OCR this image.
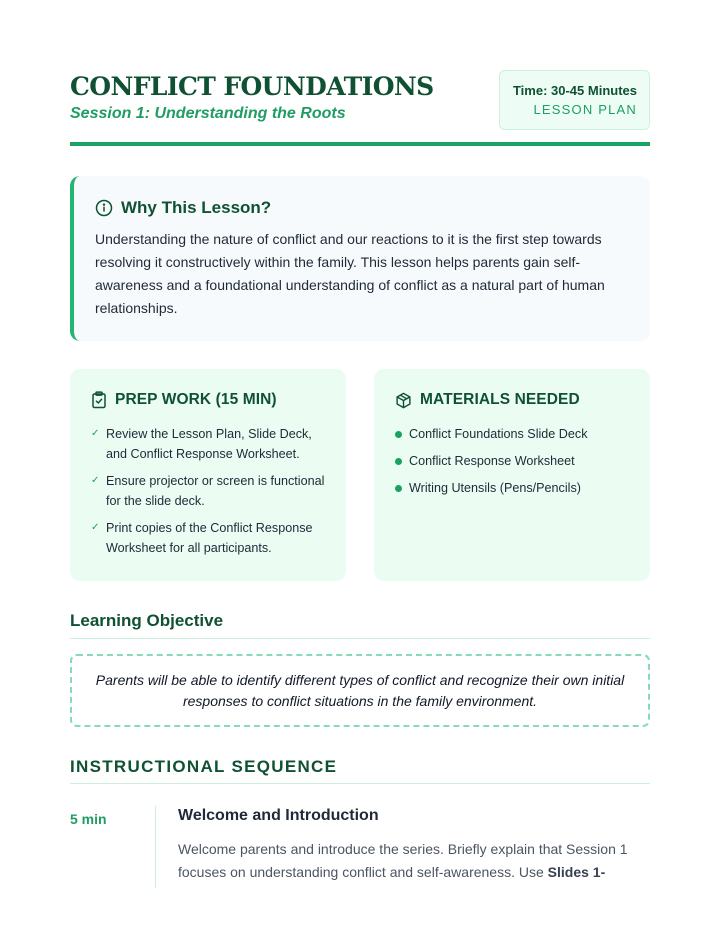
CONFLICT FOUNDATIONS
Session 1: Understanding the Roots
Time: 30-45 Minutes
LESSON PLAN
Why This Lesson?

Understanding the nature of conflict and our reactions to it is the first step towards resolving it constructively within the family. This lesson helps parents gain self-awareness and a foundational understanding of conflict as a natural part of human relationships.

PREP WORK (15 MIN)
✓ Review the Lesson Plan, Slide Deck, and Conflict Response Worksheet.
✓ Ensure projector or screen is functional for the slide deck.
✓ Print copies of the Conflict Response Worksheet for all participants.
MATERIALS NEEDED
Conflict Foundations Slide Deck
Conflict Response Worksheet
Writing Utensils (Pens/Pencils)
Learning Objective
Parents will be able to identify different types of conflict and recognize their own initial responses to conflict situations in the family environment.
INSTRUCTIONAL SEQUENCE
5 min	Welcome and Introduction

Welcome parents and introduce the series. Briefly explain that Session 1 focuses on understanding conflict and self-awareness. Use Slides 1-
